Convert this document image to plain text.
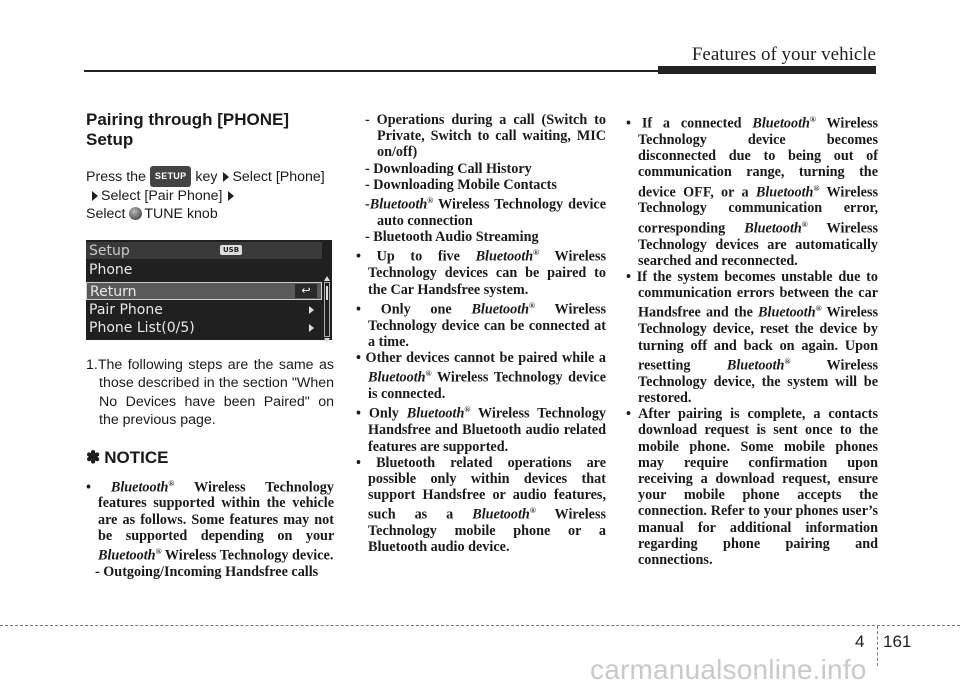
Features of your vehicle
Pairing through [PHONE]
Setup
Press the SETUP key Select [Phone]Select [Pair Phone]
Select TUNE knob
Setup	USB
Phone
Return	↩
Pair Phone
Phone List(0/5)
1.The following steps are the same as those described in the section "When No Devices have been Paired" on the previous page.
✽ NOTICE
• Bluetooth® Wireless Technology features supported within the vehicle are as follows. Some features may not be supported depending on your Bluetooth® Wireless Technology device.
- Outgoing/Incoming Handsfree calls
- Operations during a call (Switch to Private, Switch to call waiting, MIC on/off)
- Downloading Call History
- Downloading Mobile Contacts
-Bluetooth® Wireless Technology device auto connection
- Bluetooth Audio Streaming
• Up to five Bluetooth® Wireless Technology devices can be paired to the Car Handsfree system.
• Only one Bluetooth® Wireless Technology device can be connected at a time.
• Other devices cannot be paired while a Bluetooth® Wireless Technology device is connected.
• Only Bluetooth® Wireless Technology Handsfree and Bluetooth audio related features are supported.
• Bluetooth related operations are possible only within devices that support Handsfree or audio features, such as a Bluetooth® Wireless Technology mobile phone or a Bluetooth audio device.
• If a connected Bluetooth® Wireless Technology device becomes disconnected due to being out of communication range, turning the device OFF, or a Bluetooth® Wireless Technology communication error, corresponding Bluetooth® Wireless Technology devices are automatically searched and reconnected.
• If the system becomes unstable due to communication errors between the car Handsfree and the Bluetooth® Wireless Technology device, reset the device by turning off and back on again. Upon resetting	Bluetooth®	Wireless Technology device, the system will be restored.
• After pairing is complete, a contacts download request is sent once to the mobile phone. Some mobile phones may require confirmation upon receiving a download request, ensure your mobile phone accepts the connection. Refer to your phones user’s manual for additional information regarding phone pairing and connections.
4 161
carmanualsonline.info
